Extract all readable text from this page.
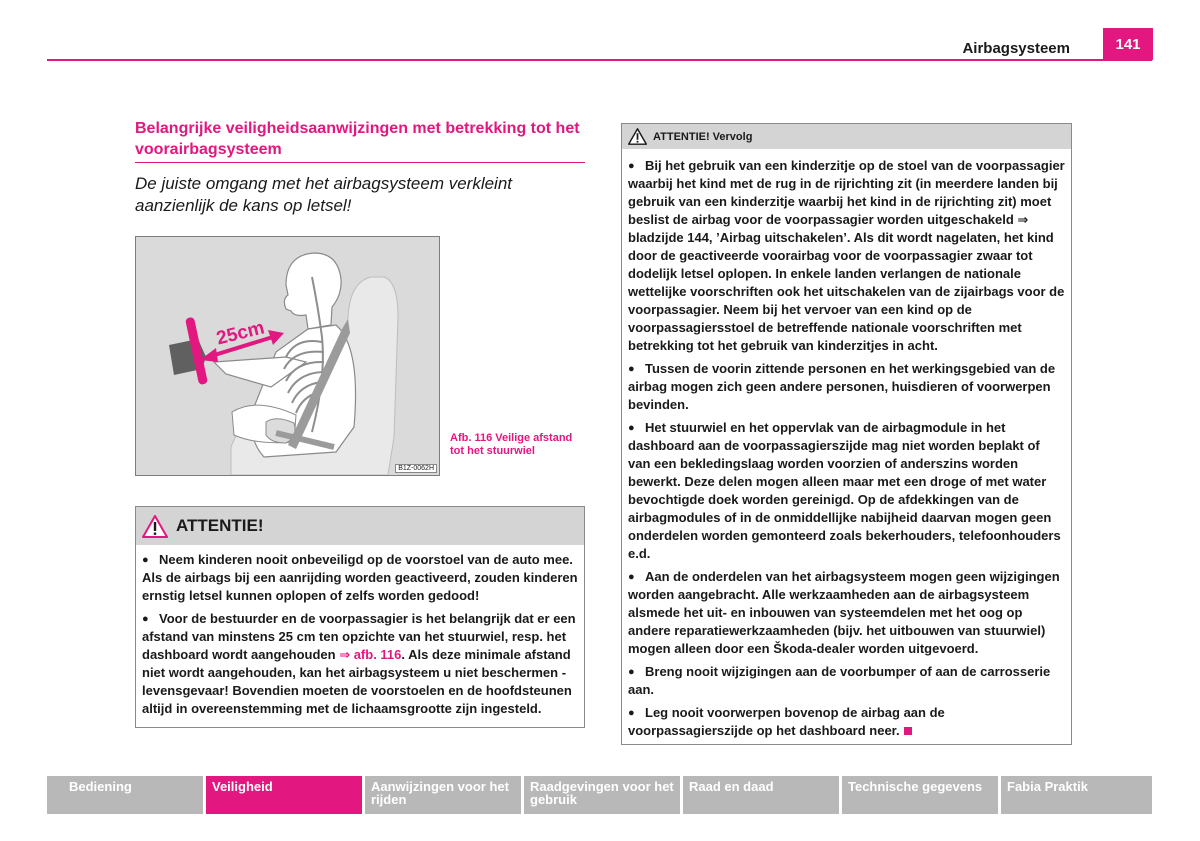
Airbagsysteem	141
Belangrijke veiligheidsaanwijzingen met betrekking tot het voorairbagsysteem
De juiste omgang met het airbagsysteem verkleint aanzienlijk de kans op letsel!
25cm
B1Z-0062H
Afb. 116 Veilige afstand tot het stuurwiel
ATTENTIE!

● Neem kinderen nooit onbeveiligd op de voorstoel van de auto mee. Als de airbags bij een aanrijding worden geactiveerd, zouden kinderen ernstig letsel kunnen oplopen of zelfs worden gedood!

● Voor de bestuurder en de voorpassagier is het belangrijk dat er een afstand van minstens 25 cm ten opzichte van het stuurwiel, resp. het dashboard wordt aangehouden ⇒ afb. 116. Als deze minimale afstand niet wordt aangehouden, kan het airbagsysteem u niet beschermen - levensgevaar! Bovendien moeten de voorstoelen en de hoofdsteunen altijd in overeenstemming met de lichaamsgrootte zijn ingesteld.

ATTENTIE! Vervolg

● Bij het gebruik van een kinderzitje op de stoel van de voorpassagier waarbij het kind met de rug in de rijrichting zit (in meerdere landen bij gebruik van een kinderzitje waarbij het kind in de rijrichting zit) moet beslist de airbag voor de voorpassagier worden uitgeschakeld ⇒ bladzijde 144, ’Airbag uitschakelen’. Als dit wordt nagelaten, het kind door de geactiveerde voorairbag voor de voorpassagier zwaar tot dodelijk letsel oplopen. In enkele landen verlangen de nationale wettelijke voorschriften ook het uitschakelen van de zijairbags voor de voorpassagier. Neem bij het vervoer van een kind op de voorpassagiersstoel de betreffende nationale voorschriften met betrekking tot het gebruik van kinderzitjes in acht.

● Tussen de voorin zittende personen en het werkingsgebied van de airbag mogen zich geen andere personen, huisdieren of voorwerpen bevinden.

● Het stuurwiel en het oppervlak van de airbagmodule in het dashboard aan de voorpassagierszijde mag niet worden beplakt of van een bekledingslaag worden voorzien of anderszins worden bewerkt. Deze delen mogen alleen maar met een droge of met water bevochtigde doek worden gereinigd. Op de afdekkingen van de airbagmodules of in de onmiddellijke nabijheid daarvan mogen geen onderdelen worden gemonteerd zoals bekerhouders, telefoonhouders e.d.

● Aan de onderdelen van het airbagsysteem mogen geen wijzigingen worden aangebracht. Alle werkzaamheden aan de airbagsysteem alsmede het uit- en inbouwen van systeemdelen met het oog op andere reparatiewerkzaamheden (bijv. het uitbouwen van stuurwiel) mogen alleen door een Škoda-dealer worden uitgevoerd.

● Breng nooit wijzigingen aan de voorbumper of aan de carrosserie aan.

● Leg nooit voorwerpen bovenop de airbag aan de voorpassagierszijde op het dashboard neer.

Bediening	Veiligheid	Aanwijzingen voor het rijden
Raadgevingen voor het gebruik
Raad en daad	Technische gegevens	Fabia Praktik
